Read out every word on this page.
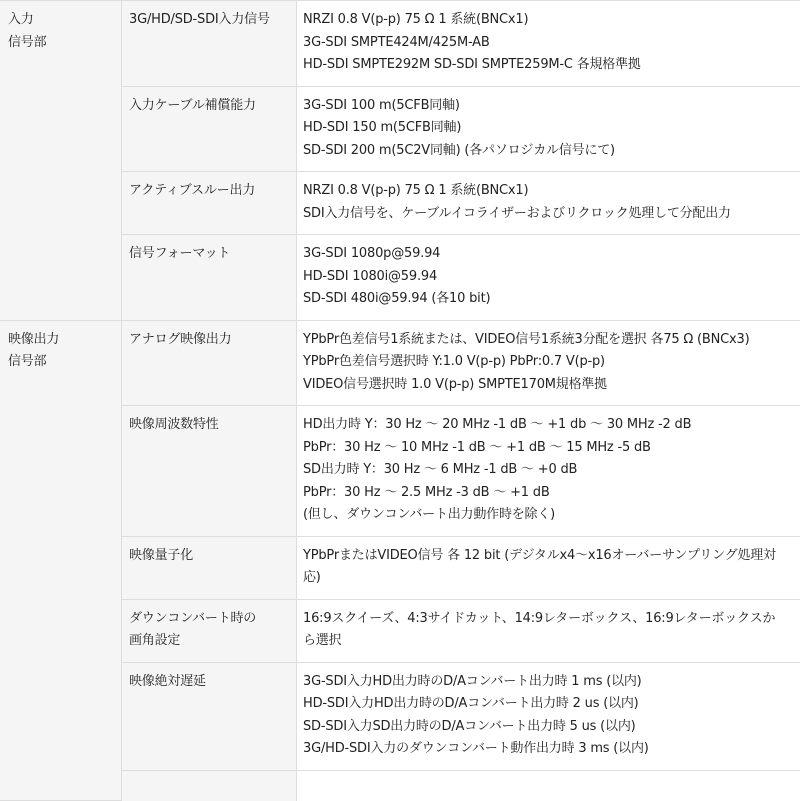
入力
信号部	3G/HD/SD-SDI入力信号	NRZI 0.8 V(p-p) 75 Ω 1 系統(BNCx1)
3G-SDI SMPTE424M/425M-AB
HD-SDI SMPTE292M SD-SDI SMPTE259M-C 各規格準拠

	入力ケーブル補償能力	3G-SDI 100 m(5CFB同軸)
HD-SDI 150 m(5CFB同軸)
SD-SDI 200 m(5C2V同軸) (各パソロジカル信号にて)

	アクティブスルー出力	NRZI 0.8 V(p-p) 75 Ω 1 系統(BNCx1)
SDI入力信号を、ケーブルイコライザーおよびリクロック処理して分配出力

	信号フォーマット	3G-SDI 1080p@59.94
HD-SDI 1080i@59.94
SD-SDI 480i@59.94 (各10 bit)

映像出力
信号部	アナログ映像出力	YPbPr色差信号1系統または、VIDEO信号1系統3分配を選択 各75 Ω (BNCx3)
YPbPr色差信号選択時 Y:1.0 V(p-p) PbPr:0.7 V(p-p)
VIDEO信号選択時 1.0 V(p-p) SMPTE170M規格準拠

	映像周波数特性	HD出力時 Y：30 Hz 〜 20 MHz -1 dB 〜 +1 db 〜 30 MHz -2 dB
PbPr：30 Hz 〜 10 MHz -1 dB 〜 +1 dB 〜 15 MHz -5 dB
SD出力時 Y：30 Hz 〜 6 MHz -1 dB 〜 +0 dB
PbPr：30 Hz 〜 2.5 MHz -3 dB 〜 +1 dB
(但し、ダウンコンバート出力動作時を除く)

	映像量子化	YPbPrまたはVIDEO信号 各 12 bit (デジタルx4〜x16オーバーサンプリング処理対応)

	ダウンコンバート時の
画角設定	16:9スクイーズ、4:3サイドカット、14:9レターボックス、16:9レターボックスから選択

	映像絶対遅延	3G-SDI入力HD出力時のD/Aコンバート出力時 1 ms (以内)
HD-SDI入力HD出力時のD/Aコンバート出力時 2 us (以内)
SD-SDI入力SD出力時のD/Aコンバート出力時 5 us (以内)
3G/HD-SDI入力のダウンコンバート動作出力時 3 ms (以内)
